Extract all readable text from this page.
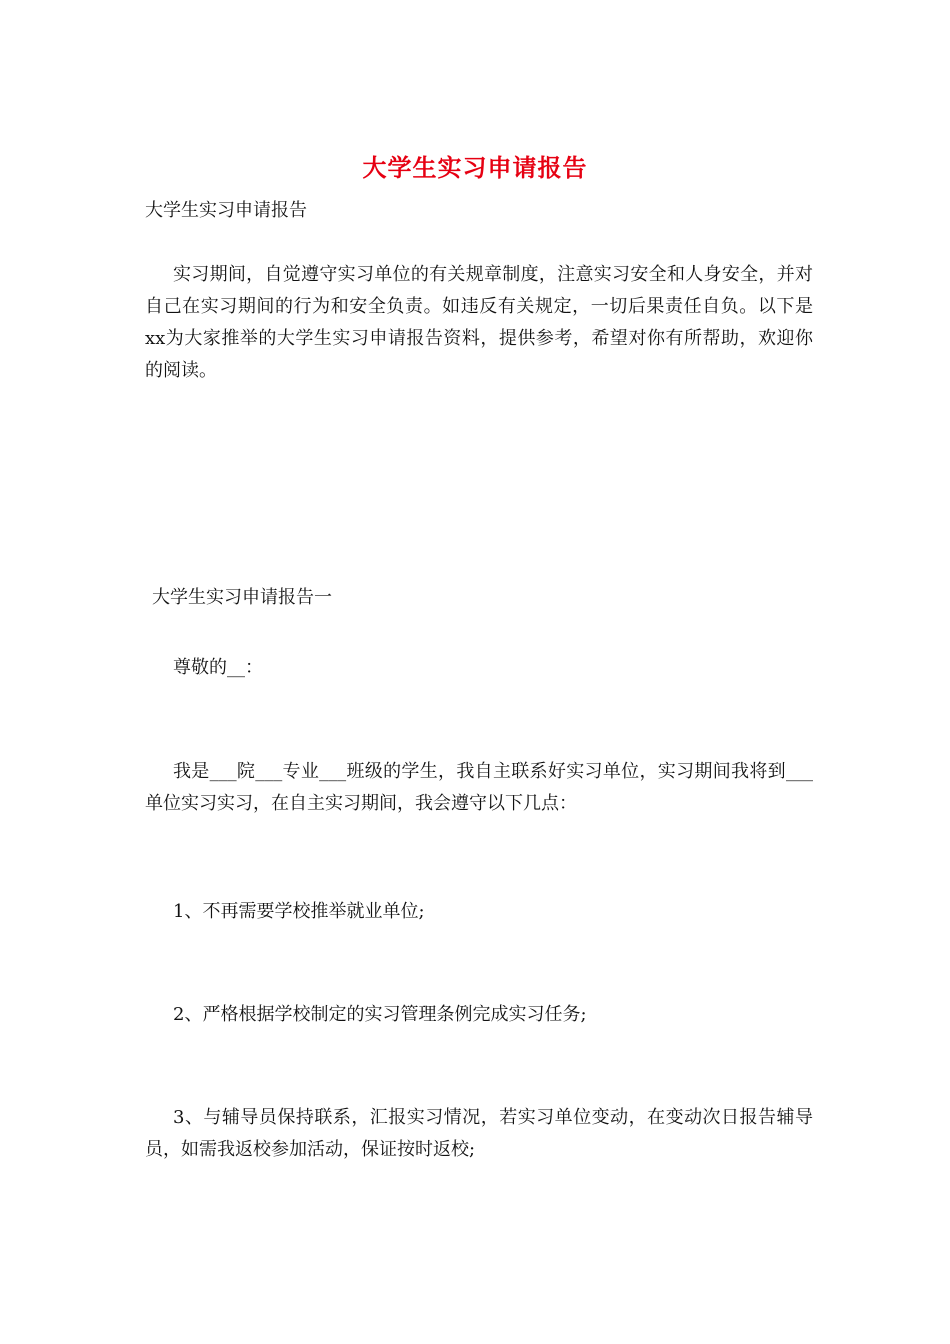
大学生实习申请报告
大学生实习申请报告
实习期间，自觉遵守实习单位的有关规章制度，注意实习安全和人身安全，并对自己在实习期间的行为和安全负责。如违反有关规定，一切后果责任自负。以下是xx为大家推举的大学生实习申请报告资料，提供参考，希望对你有所帮助，欢迎你的阅读。
大学生实习申请报告一
尊敬的__：
我是___院___专业___班级的学生，我自主联系好实习单位，实习期间我将到___单位实习实习，在自主实习期间，我会遵守以下几点：
1、不再需要学校推举就业单位;
2、严格根据学校制定的实习管理条例完成实习任务;
3、与辅导员保持联系，汇报实习情况，若实习单位变动，在变动次日报告辅导员，如需我返校参加活动，保证按时返校;
